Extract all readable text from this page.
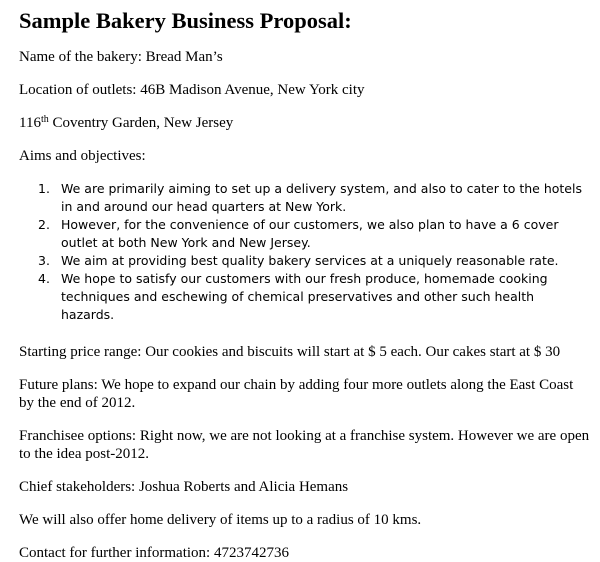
Sample Bakery Business Proposal:

Name of the bakery: Bread Man’s

Location of outlets: 46B Madison Avenue, New York city

116th Coventry Garden, New Jersey

Aims and objectives:

1. We are primarily aiming to set up a delivery system, and also to cater to the hotels in and around our head quarters at New York.
2. However, for the convenience of our customers, we also plan to have a 6 cover outlet at both New York and New Jersey.
3. We aim at providing best quality bakery services at a uniquely reasonable rate.
4. We hope to satisfy our customers with our fresh produce, homemade cooking techniques and eschewing of chemical preservatives and other such health hazards.

Starting price range: Our cookies and biscuits will start at $ 5 each. Our cakes start at $ 30

Future plans: We hope to expand our chain by adding four more outlets along the East Coast by the end of 2012.

Franchisee options: Right now, we are not looking at a franchise system. However we are open to the idea post-2012.

Chief stakeholders: Joshua Roberts and Alicia Hemans

We will also offer home delivery of items up to a radius of 10 kms.

Contact for further information: 4723742736
